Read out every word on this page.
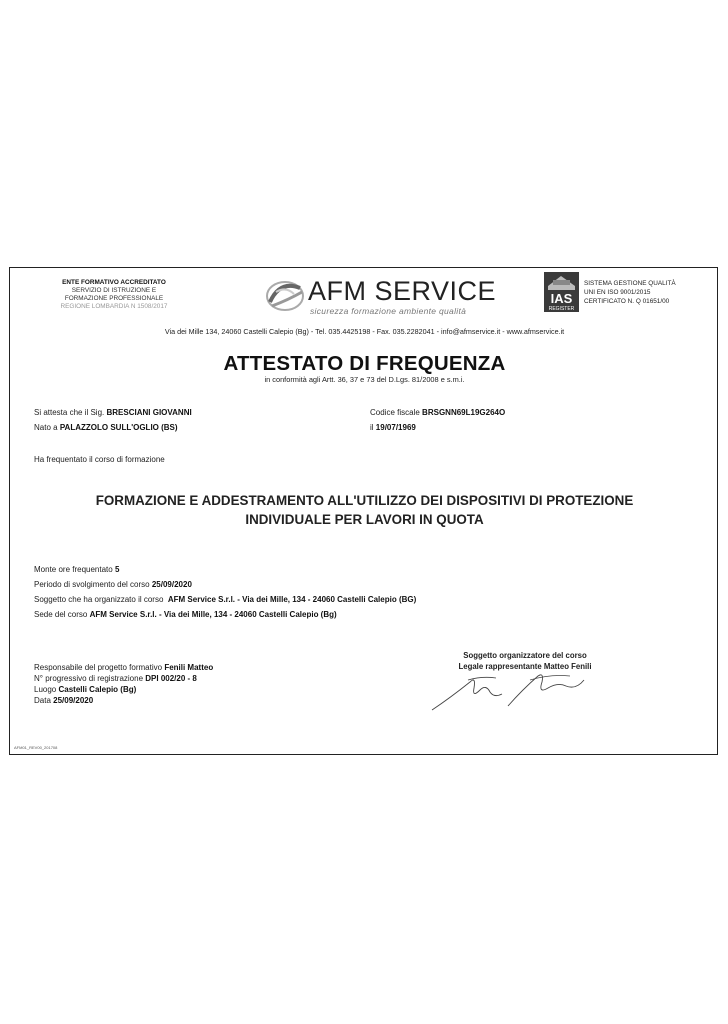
ENTE FORMATIVO ACCREDITATO
SERVIZIO DI ISTRUZIONE E
FORMAZIONE PROFESSIONALE
REGIONE LOMBARDIA N 1508/2017
AFM SERVICE
sicurezza formazione ambiente qualità
IAS
REGISTER
SISTEMA GESTIONE QUALITÀ
UNI EN ISO 9001/2015
CERTIFICATO N. Q 01651/00
Via dei Mille 134, 24060 Castelli Calepio (Bg) - Tel. 035.4425198 - Fax. 035.2282041 - info@afmservice.it - www.afmservice.it
ATTESTATO DI FREQUENZA
in conformità agli Artt. 36, 37 e 73 del D.Lgs. 81/2008 e s.m.i.
Si attesta che il Sig. BRESCIANI GIOVANNI
Nato a PALAZZOLO SULL'OGLIO (BS)
Codice fiscale BRSGNN69L19G264O
il 19/07/1969
Ha frequentato il corso di formazione
FORMAZIONE E ADDESTRAMENTO ALL'UTILIZZO DEI DISPOSITIVI DI PROTEZIONE INDIVIDUALE PER LAVORI IN QUOTA
Monte ore frequentato 5
Periodo di svolgimento del corso 25/09/2020
Soggetto che ha organizzato il corso AFM Service S.r.l. - Via dei Mille, 134 - 24060 Castelli Calepio (BG)
Sede del corso AFM Service S.r.l. - Via dei Mille, 134 - 24060 Castelli Calepio (Bg)
Responsabile del progetto formativo Fenili Matteo
N° progressivo di registrazione DPI 002/20 - 8
Luogo Castelli Calepio (Bg)
Data 25/09/2020
Soggetto organizzatore del corso
Legale rappresentante Matteo Fenili
AFM01_REV00_201708
